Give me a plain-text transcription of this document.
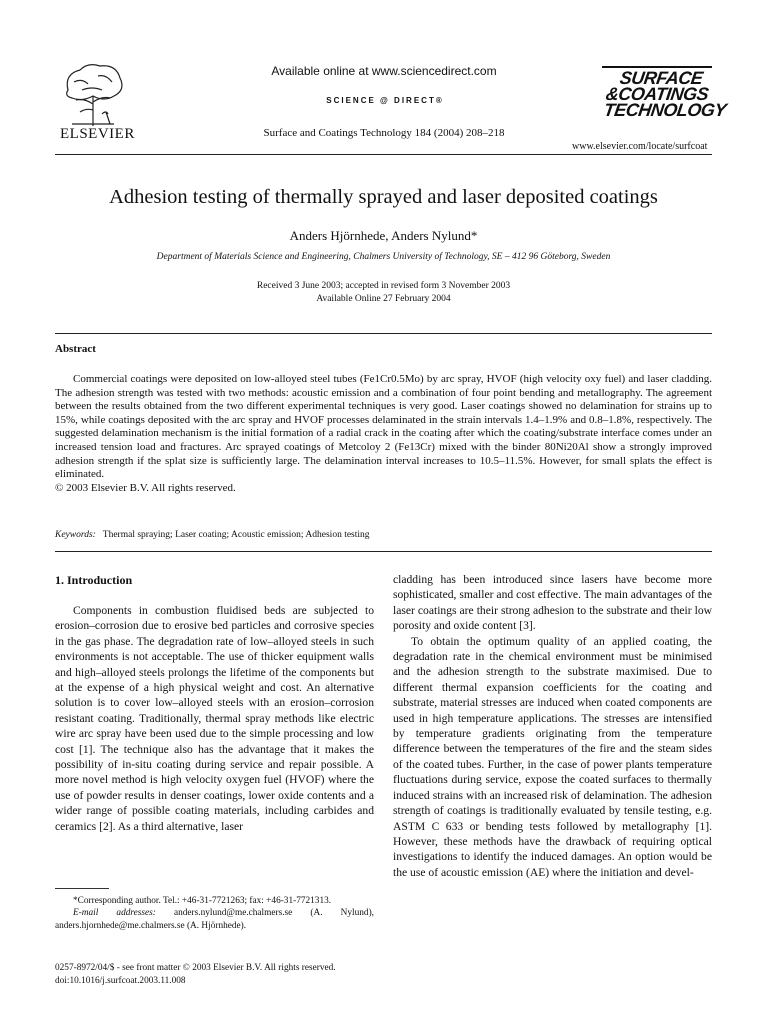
ELSEVIER
Available online at www.sciencedirect.com
$_{SCIENCE @ DIRECT®}$
Surface and Coatings Technology 184 (2004) 208–218
SURFACE
&COATINGS
TECHNOLOGY
www.elsevier.com/locate/surfcoat
Adhesion testing of thermally sprayed and laser deposited coatings
Anders Hjörnhede, Anders Nylund*
Department of Materials Science and Engineering, Chalmers University of Technology, SE – 412 96 Göteborg, Sweden
Received 3 June 2003; accepted in revised form 3 November 2003
Available Online 27 February 2004
Abstract

Commercial coatings were deposited on low-alloyed steel tubes (Fe1Cr0.5Mo) by arc spray, HVOF (high velocity oxy fuel) and laser cladding. The adhesion strength was tested with two methods: acoustic emission and a combination of four point bending and metallography. The agreement between the results obtained from the two different experimental techniques is very good. Laser coatings showed no delamination for strains up to 15%, while coatings deposited with the arc spray and HVOF processes delaminated in the strain intervals 1.4–1.9% and 0.8–1.8%, respectively. The suggested delamination mechanism is the initial formation of a radial crack in the coating after which the coating/substrate interface comes under an increased tension load and fractures. Arc sprayed coatings of Metcoloy 2 (Fe13Cr) mixed with the binder 80Ni20Al show a strongly improved adhesion strength if the splat size is sufficiently large. The delamination interval increases to 10.5–11.5%. However, for small splats the effect is eliminated.

© 2003 Elsevier B.V. All rights reserved.
Keywords: Thermal spraying; Laser coating; Acoustic emission; Adhesion testing
1. Introduction

Components in combustion fluidised beds are subjected to erosion–corrosion due to erosive bed particles and corrosive species in the gas phase. The degradation rate of low–alloyed steels in such environments is not acceptable. The use of thicker equipment walls and high–alloyed steels prolongs the lifetime of the components but at the expense of a high physical weight and cost. An alternative solution is to cover low–alloyed steels with an erosion–corrosion resistant coating. Traditionally, thermal spray methods like electric wire arc spray have been used due to the simple processing and low cost [1]. The technique also has the advantage that it makes the possibility of in-situ coating during service and repair possible. A more novel method is high velocity oxygen fuel (HVOF) where the use of powder results in denser coatings, lower oxide contents and a wider range of possible coating materials, including carbides and ceramics [2]. As a third alternative, laser

*Corresponding author. Tel.: +46-31-7721263; fax: +46-31-7721313.
E-mail addresses: anders.nylund@me.chalmers.se (A. Nylund), anders.hjornhede@me.chalmers.se (A. Hjörnhede).

cladding has been introduced since lasers have become more sophisticated, smaller and cost effective. The main advantages of the laser coatings are their strong adhesion to the substrate and their low porosity and oxide content [3].

To obtain the optimum quality of an applied coating, the degradation rate in the chemical environment must be minimised and the adhesion strength to the substrate maximised. Due to different thermal expansion coefficients for the coating and substrate, material stresses are induced when coated components are used in high temperature applications. The stresses are intensified by temperature gradients originating from the temperature difference between the temperatures of the fire and the steam sides of the coated tubes. Further, in the case of power plants temperature fluctuations during service, expose the coated surfaces to thermally induced strains with an increased risk of delamination. The adhesion strength of coatings is traditionally evaluated by tensile testing, e.g. ASTM C 633 or bending tests followed by metallography [1]. However, these methods have the drawback of requiring optical investigations to identify the induced damages. An option would be the use of acoustic emission (AE) where the initiation and devel-

0257-8972/04/$ - see front matter © 2003 Elsevier B.V. All rights reserved.
doi:10.1016/j.surfcoat.2003.11.008
